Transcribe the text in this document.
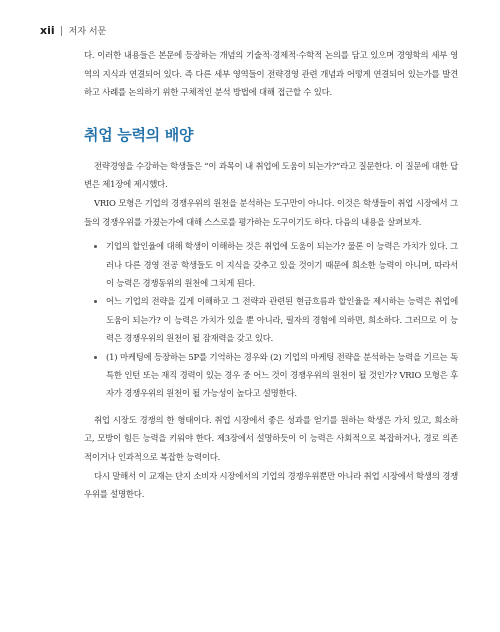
xii 저자 서문

다. 이러한 내용들은 본문에 등장하는 개념의 기술적·경제적·수학적 논의를 담고 있으며 경영학의 세부 영역의 지식과 연결되어 있다. 즉 다른 세부 영역들이 전략경영 관련 개념과 어떻게 연결되어 있는가를 발견하고 사례를 논의하기 위한 구체적인 분석 방법에 대해 접근할 수 있다.

취업 능력의 배양

전략경영을 수강하는 학생들은 “이 과목이 내 취업에 도움이 되는가?”라고 질문한다. 이 질문에 대한 답변은 제1장에 제시했다.

VRIO 모형은 기업의 경쟁우위의 원천을 분석하는 도구만이 아니다. 이것은 학생들이 취업 시장에서 그들의 경쟁우위를 가졌는가에 대해 스스로를 평가하는 도구이기도 하다. 다음의 내용을 살펴보자.

기업의 할인율에 대해 학생이 이해하는 것은 취업에 도움이 되는가? 물론 이 능력은 가치가 있다. 그러나 다른 경영 전공 학생들도 이 지식을 갖추고 있을 것이기 때문에 희소한 능력이 아니며, 따라서 이 능력은 경쟁동위의 원천에 그치게 된다.
어느 기업의 전략을 깊게 이해하고 그 전략과 관련된 현금흐름과 할인율을 제시하는 능력은 취업에 도움이 되는가? 이 능력은 가치가 있을 뿐 아니라, 필자의 경험에 의하면, 희소하다. 그러므로 이 능력은 경쟁우위의 원천이 될 잠재력을 갖고 있다.
(1) 마케팅에 등장하는 5P를 기억하는 경우와 (2) 기업의 마케팅 전략을 분석하는 능력을 기르는 독특한 인턴 또는 재직 경력이 있는 경우 중 어느 것이 경쟁우위의 원천이 될 것인가? VRIO 모형은 후자가 경쟁우위의 원천이 될 가능성이 높다고 설명한다.

취업 시장도 경쟁의 한 형태이다. 취업 시장에서 좋은 성과를 얻기를 원하는 학생은 가치 있고, 희소하고, 모방이 힘든 능력을 키워야 한다. 제3장에서 설명하듯이 이 능력은 사회적으로 복잡하거나, 경로 의존적이거나 인과적으로 복잡한 능력이다.

다시 말해서 이 교재는 단지 소비자 시장에서의 기업의 경쟁우위뿐만 아니라 취업 시장에서 학생의 경쟁우위를 설명한다.
